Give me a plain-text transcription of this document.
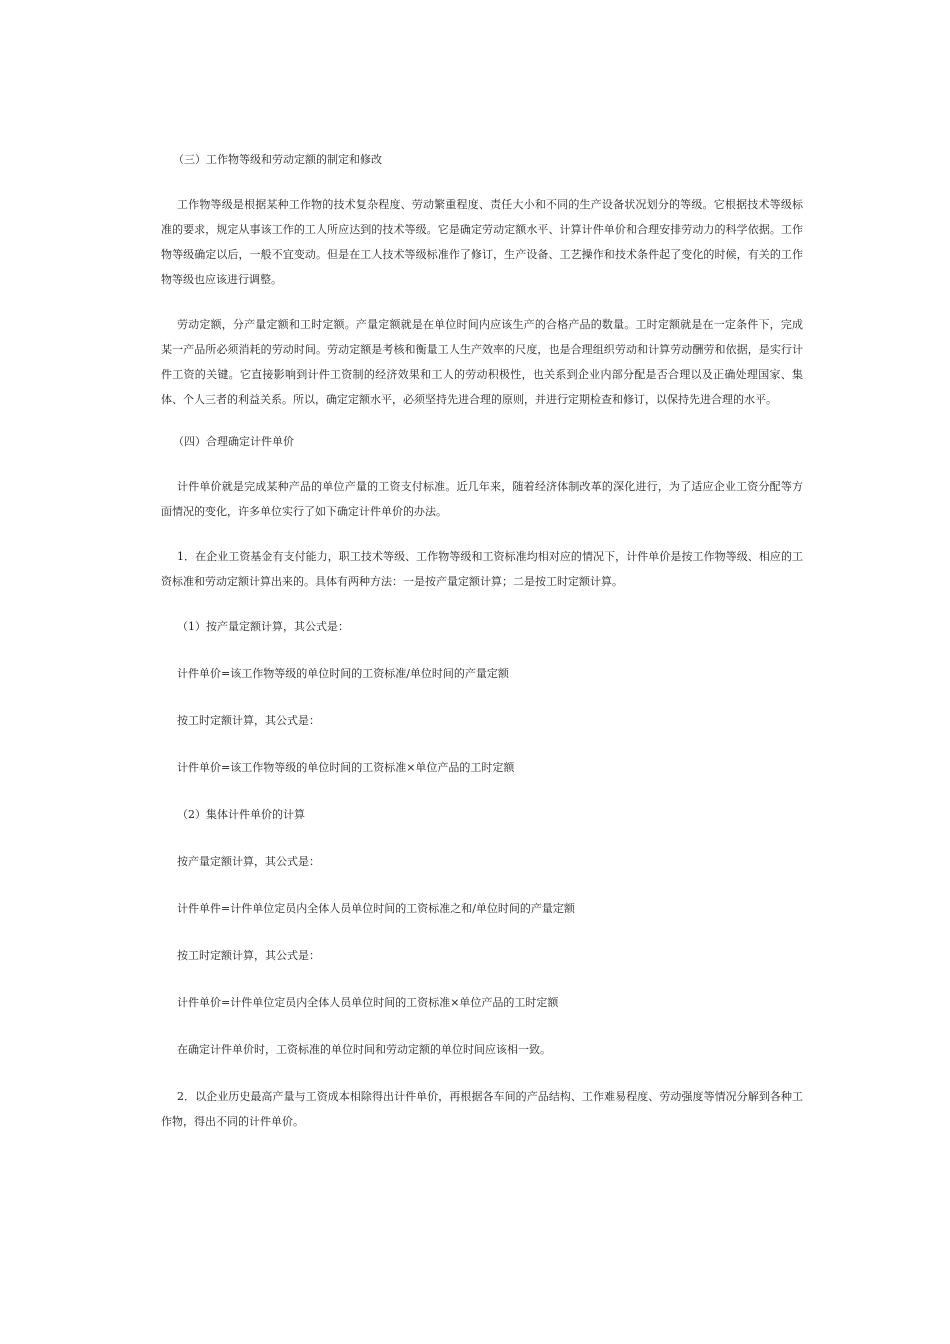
（三）工作物等级和劳动定额的制定和修改

工作物等级是根据某种工作物的技术复杂程度、劳动繁重程度、责任大小和不同的生产设备状况划分的等级。它根据技术等级标准的要求，规定从事该工作的工人所应达到的技术等级。它是确定劳动定额水平、计算计件单价和合理安排劳动力的科学依据。工作物等级确定以后，一般不宜变动。但是在工人技术等级标准作了修订，生产设备、工艺操作和技术条件起了变化的时候，有关的工作物等级也应该进行调整。

劳动定额，分产量定额和工时定额。产量定额就是在单位时间内应该生产的合格产品的数量。工时定额就是在一定条件下，完成某一产品所必须消耗的劳动时间。劳动定额是考核和衡量工人生产效率的尺度，也是合理组织劳动和计算劳动酬劳和依据，是实行计件工资的关键。它直接影响到计件工资制的经济效果和工人的劳动积极性，也关系到企业内部分配是否合理以及正确处理国家、集体、个人三者的利益关系。所以，确定定额水平，必须坚持先进合理的原则，并进行定期检查和修订，以保持先进合理的水平。

（四）合理确定计件单价

计件单价就是完成某种产品的单位产量的工资支付标准。近几年来，随着经济体制改革的深化进行，为了适应企业工资分配等方面情况的变化，许多单位实行了如下确定计件单价的办法。

1．在企业工资基金有支付能力，职工技术等级、工作物等级和工资标准均相对应的情况下，计件单价是按工作物等级、相应的工资标准和劳动定额计算出来的。具体有两种方法：一是按产量定额计算；二是按工时定额计算。

（1）按产量定额计算，其公式是：

计件单价=该工作物等级的单位时间的工资标准/单位时间的产量定额

按工时定额计算，其公式是：

计件单价=该工作物等级的单位时间的工资标准×单位产品的工时定额

（2）集体计件单价的计算

按产量定额计算，其公式是：

计件单件=计件单位定员内全体人员单位时间的工资标准之和/单位时间的产量定额

按工时定额计算，其公式是：

计件单价=计件单位定员内全体人员单位时间的工资标准×单位产品的工时定额

在确定计件单价时，工资标准的单位时间和劳动定额的单位时间应该相一致。

2．以企业历史最高产量与工资成本相除得出计件单价，再根据各车间的产品结构、工作难易程度、劳动强度等情况分解到各种工作物，得出不同的计件单价。
